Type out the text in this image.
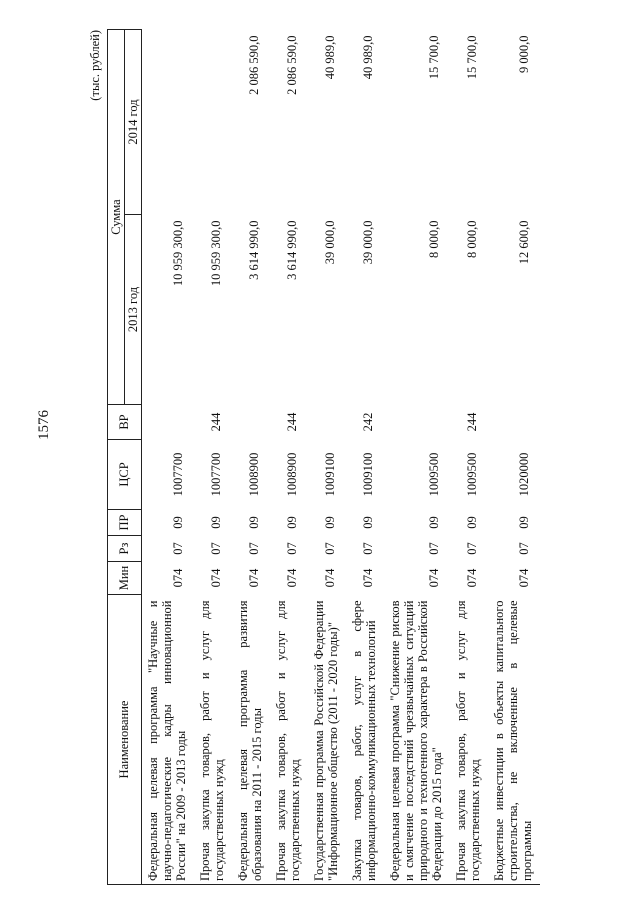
1576
(тыс. рублей)
Наименование	Мин	Рз	ПР	ЦСР	ВР	Сумма	
						2013 год	2014 год
Федеральная целевая программа "Научные и научно-педагогические кадры инновационной России" на 2009 - 2013 годы	074	07	09	1007700		10 959 300,0	
Прочая закупка товаров, работ и услуг для государственных нужд	074	07	09	1007700	244	10 959 300,0	
Федеральная целевая программа развития образования на 2011 - 2015 годы	074	07	09	1008900		3 614 990,0	2 086 590,0
Прочая закупка товаров, работ и услуг для государственных нужд	074	07	09	1008900	244	3 614 990,0	2 086 590,0
Государственная программа Российской Федерации "Информационное общество (2011 - 2020 годы)"	074	07	09	1009100		39 000,0	40 989,0
Закупка товаров, работ, услуг в сфере информационно-коммуникационных технологий	074	07	09	1009100	242	39 000,0	40 989,0
Федеральная целевая программа "Снижение рисков и смягчение последствий чрезвычайных ситуаций природного и техногенного характера в Российской Федерации до 2015 года"	074	07	09	1009500		8 000,0	15 700,0
Прочая закупка товаров, работ и услуг для государственных нужд	074	07	09	1009500	244	8 000,0	15 700,0
Бюджетные инвестиции в объекты капитального строительства, не включенные в целевые программы	074	07	09	1020000		12 600,0	9 000,0
